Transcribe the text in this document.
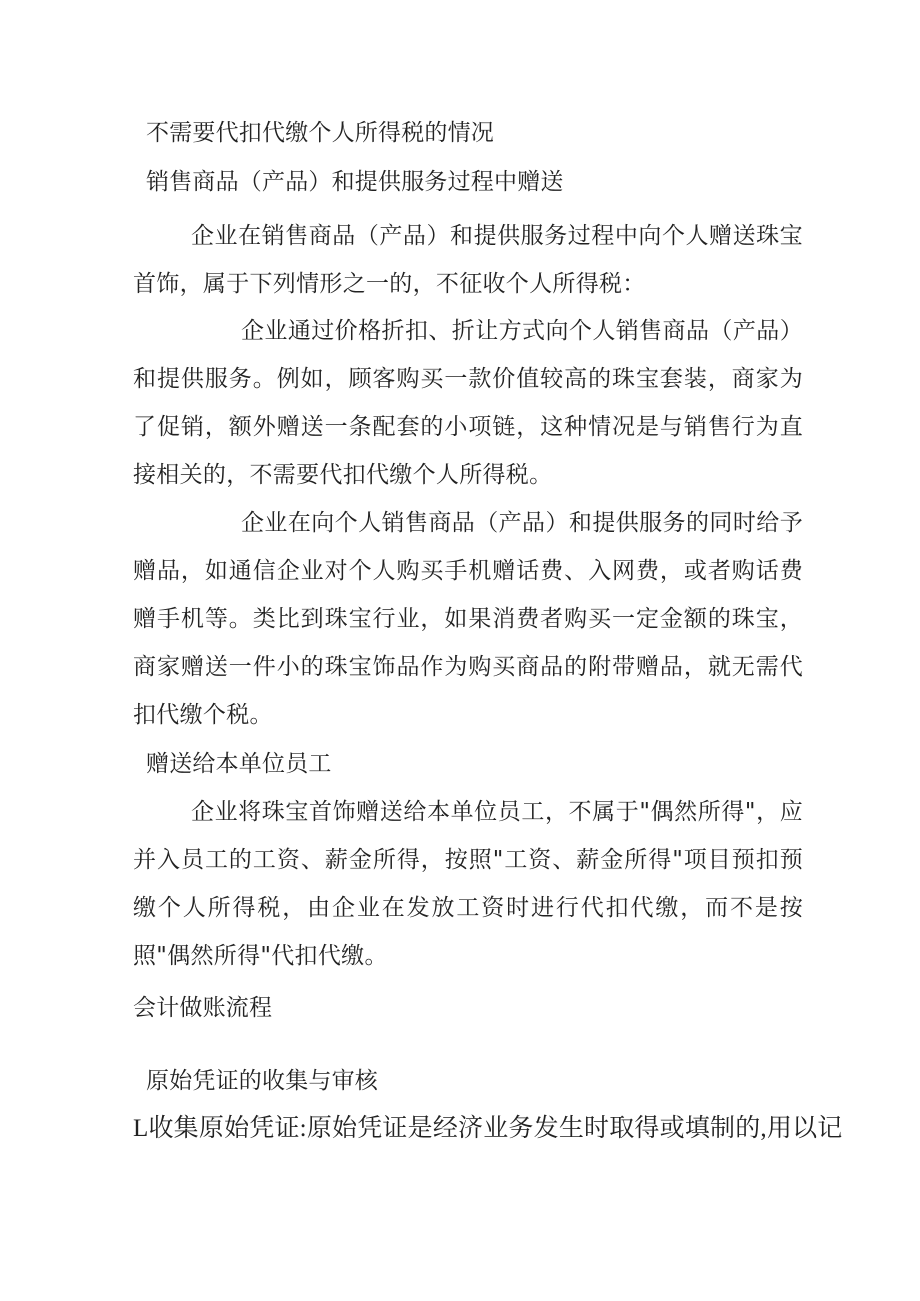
不需要代扣代缴个人所得税的情况
销售商品（产品）和提供服务过程中赠送

企业在销售商品（产品）和提供服务过程中向个人赠送珠宝首饰，属于下列情形之一的，不征收个人所得税：

企业通过价格折扣、折让方式向个人销售商品（产品）和提供服务。例如，顾客购买一款价值较高的珠宝套装，商家为了促销，额外赠送一条配套的小项链，这种情况是与销售行为直接相关的，不需要代扣代缴个人所得税。

企业在向个人销售商品（产品）和提供服务的同时给予赠品，如通信企业对个人购买手机赠话费、入网费，或者购话费赠手机等。类比到珠宝行业，如果消费者购买一定金额的珠宝，商家赠送一件小的珠宝饰品作为购买商品的附带赠品，就无需代扣代缴个税。

赠送给本单位员工

企业将珠宝首饰赠送给本单位员工，不属于"偶然所得"，应并入员工的工资、薪金所得，按照"工资、薪金所得"项目预扣预缴个人所得税，由企业在发放工资时进行代扣代缴，而不是按照"偶然所得"代扣代缴。

会计做账流程
原始凭证的收集与审核
L收集原始凭证:原始凭证是经济业务发生时取得或填制的,用以记
